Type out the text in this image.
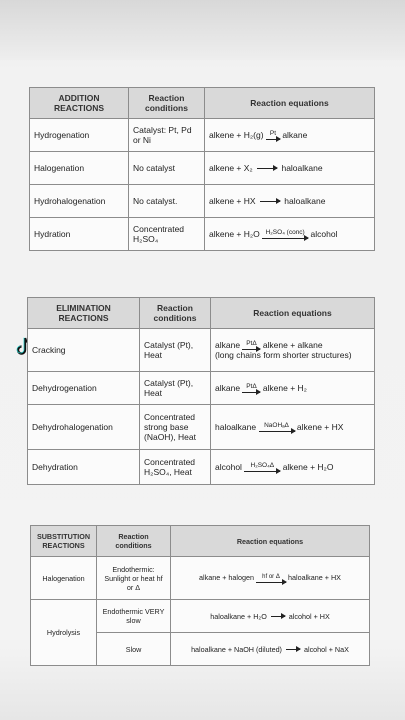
ADDITION REACTIONS	Reaction conditions	Reaction equations
Hydrogenation	Catalyst: Pt, Pd or Ni	alkene + H₂(g) Pt alkane
Halogenation	No catalyst	alkene + X₂ haloalkane
Hydrohalogenation	No catalyst.	alkene + HX haloalkane
Hydration	Concentrated H₂SO₄	alkene + H₂O H₂SO₄ (conc) alcohol
ELIMINATION REACTIONS	Reaction conditions	Reaction equations
Cracking	Catalyst (Pt), Heat	alkane PtΔ alkene + alkane
(long chains form shorter structures)
Dehydrogenation	Catalyst (Pt), Heat	alkane PtΔ alkene + H₂
Dehydrohalogenation	Concentrated strong base (NaOH), Heat	haloalkane NaOHₐΔ alkene + HX
Dehydration	Concentrated H₂SO₄, Heat	alcohol H₂SO₄Δ alkene + H₂O
SUBSTITUTION REACTIONS	Reaction conditions	Reaction equations
Halogenation	Endothermic: Sunlight or heat hf or Δ	alkane + halogen hf or Δ haloalkane + HX
Hydrolysis	Endothermic VERY slow	haloalkane + H₂O alcohol + HX
	Slow	haloalkane + NaOH (diluted) alcohol + NaX
